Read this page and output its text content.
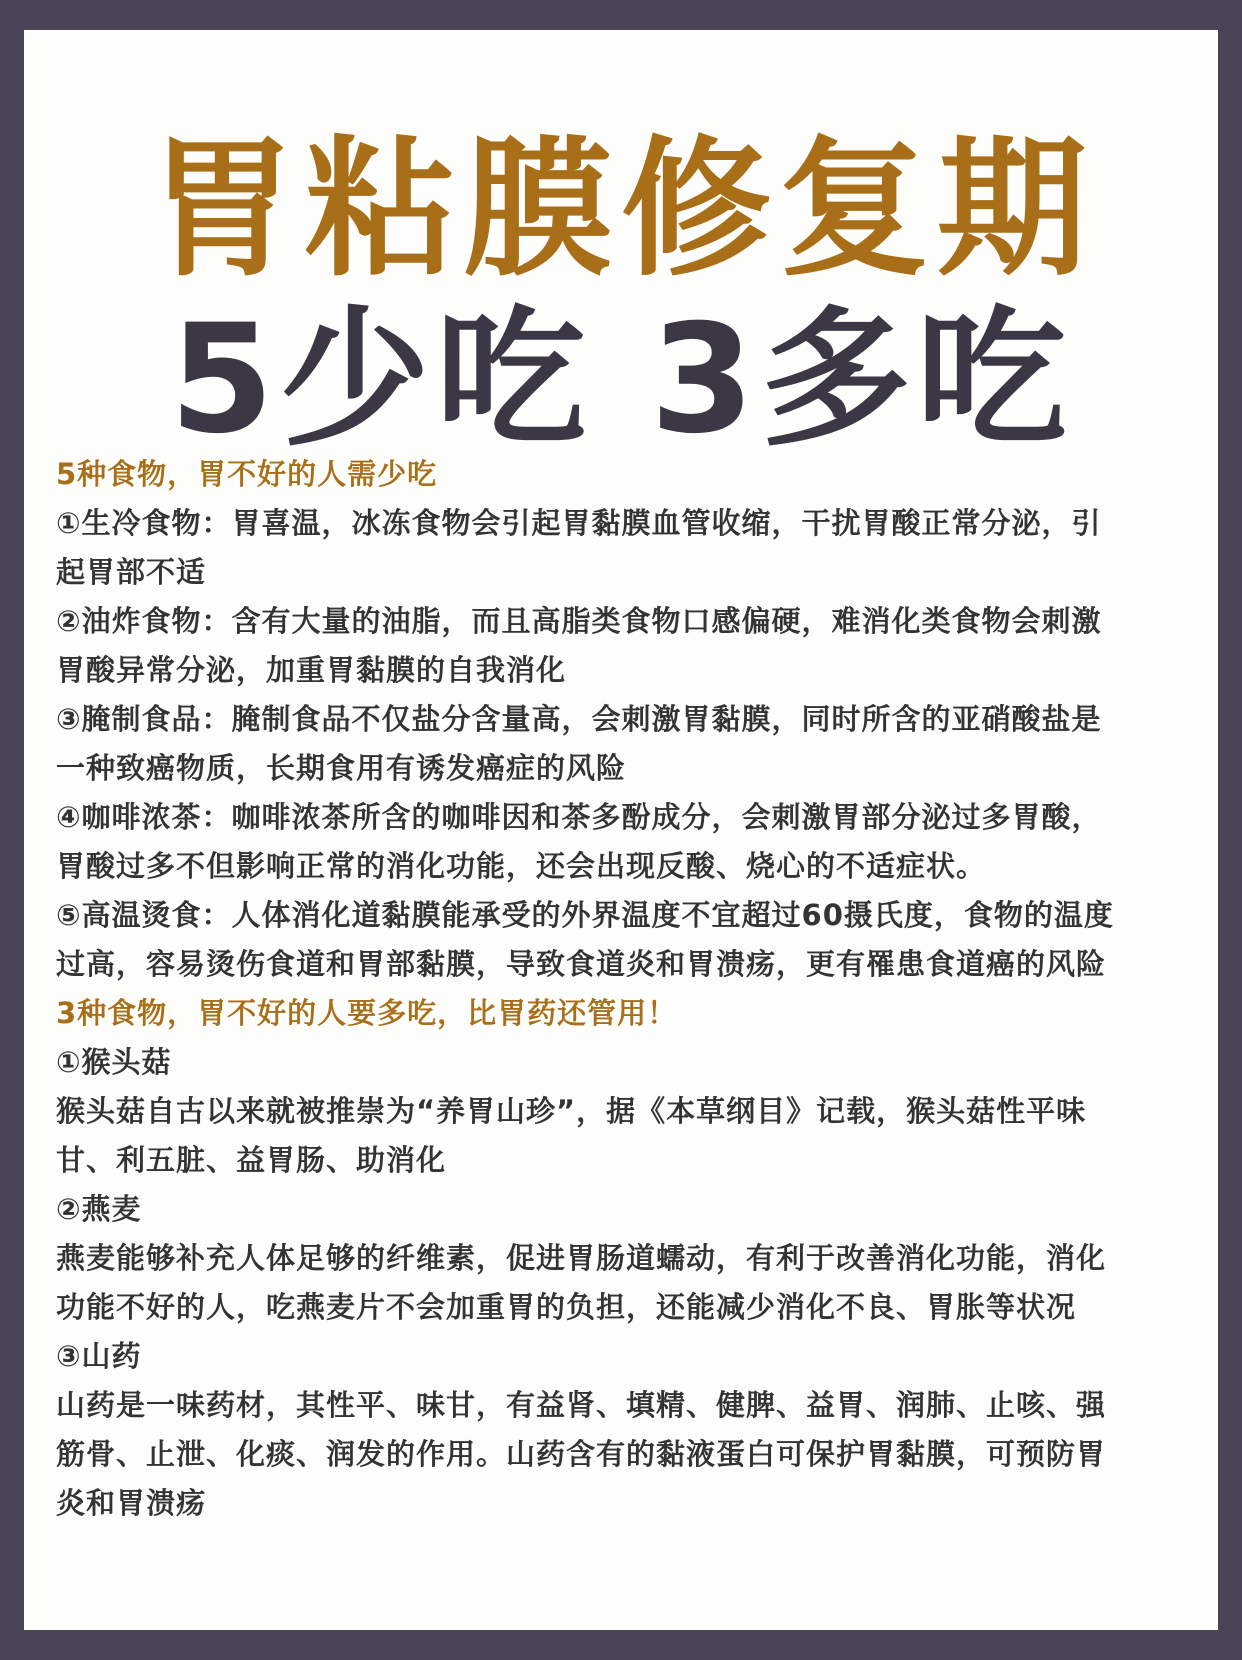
胃粘膜修复期
5少吃 3多吃
5种食物，胃不好的人需少吃
①生冷食物：胃喜温，冰冻食物会引起胃黏膜血管收缩，干扰胃酸正常分泌，引
起胃部不适
②油炸食物：含有大量的油脂，而且高脂类食物口感偏硬，难消化类食物会刺激
胃酸异常分泌，加重胃黏膜的自我消化
③腌制食品：腌制食品不仅盐分含量高，会刺激胃黏膜，同时所含的亚硝酸盐是
一种致癌物质，长期食用有诱发癌症的风险
④咖啡浓茶：咖啡浓茶所含的咖啡因和茶多酚成分，会刺激胃部分泌过多胃酸，
胃酸过多不但影响正常的消化功能，还会出现反酸、烧心的不适症状。
⑤高温烫食：人体消化道黏膜能承受的外界温度不宜超过60摄氏度，食物的温度
过高，容易烫伤食道和胃部黏膜，导致食道炎和胃溃疡，更有罹患食道癌的风险
3种食物，胃不好的人要多吃，比胃药还管用！
①猴头菇
猴头菇自古以来就被推崇为“养胃山珍”，据《本草纲目》记载，猴头菇性平味
甘、利五脏、益胃肠、助消化
②燕麦
燕麦能够补充人体足够的纤维素，促进胃肠道蠕动，有利于改善消化功能，消化
功能不好的人，吃燕麦片不会加重胃的负担，还能减少消化不良、胃胀等状况
③山药
山药是一味药材，其性平、味甘，有益肾、填精、健脾、益胃、润肺、止咳、强
筋骨、止泄、化痰、润发的作用。山药含有的黏液蛋白可保护胃黏膜，可预防胃
炎和胃溃疡
